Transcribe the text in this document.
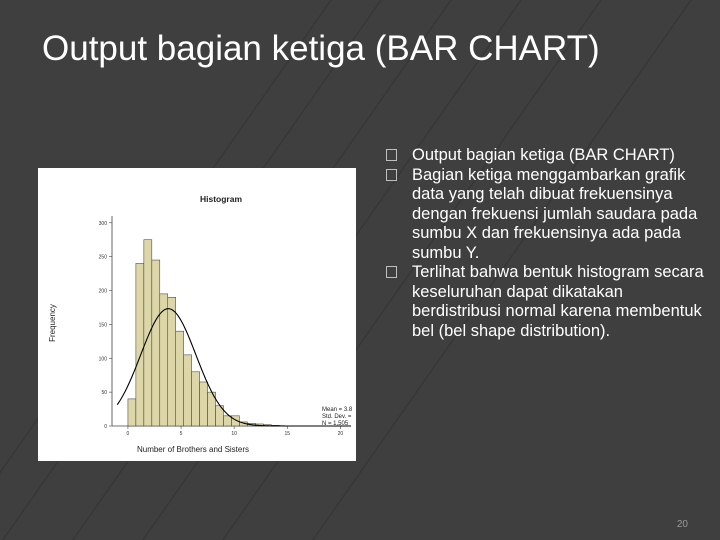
Output bagian ketiga (BAR CHART)
Histogram
Frequency
Number of Brothers and Sisters
Mean = 3.8
Std. Dev. =
N = 1,505
0
50
100
150
200
250
300
0	5	10	15	20
Output bagian ketiga (BAR CHART)
Bagian ketiga menggambarkan grafik data yang telah dibuat frekuensinya dengan frekuensi jumlah saudara pada sumbu X dan frekuensinya ada pada sumbu Y.
Terlihat bahwa bentuk histogram secara keseluruhan dapat dikatakan berdistribusi normal karena membentuk bel (bel shape distribution).
20
